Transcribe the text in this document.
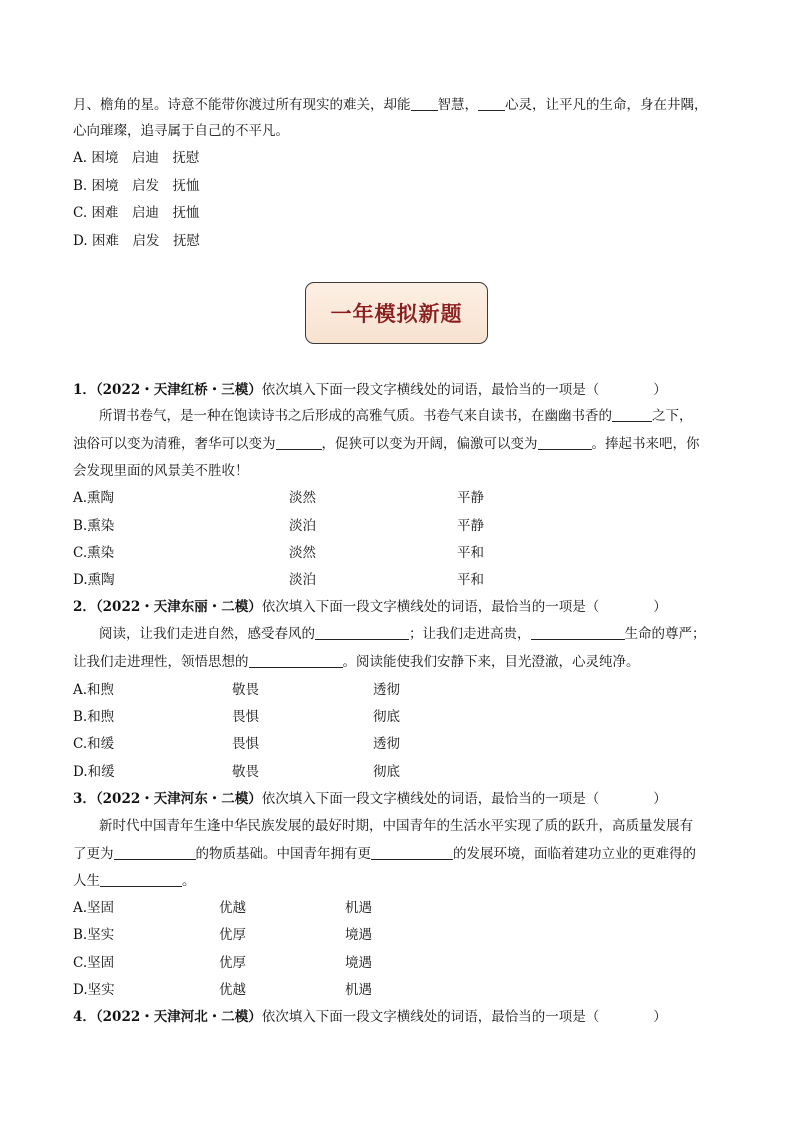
月、檐角的星。诗意不能带你渡过所有现实的难关，却能 智慧， 心灵，让平凡的生命，身在井隅，
心向璀璨，追寻属于自己的不平凡。
A. 困境　 启迪　 抚慰
B. 困境　 启发　 抚恤
C. 困难　 启迪　 抚恤
D. 困难　 启发　 抚慰
一年模拟新题
1．（2022・天津红桥・三模）依次填入下面一段文字横线处的词语，最恰当的一项是（　　　　）
所谓书卷气，是一种在饱读诗书之后形成的高雅气质。书卷气来自读书，在幽幽书香的	之下，
浊俗可以变为清雅，奢华可以变为	，促狭可以变为开阔，偏激可以变为	。捧起书来吧，你
会发现里面的风景美不胜收！
A.熏陶	淡然	平静
B.熏染	淡泊	平静
C.熏染	淡然	平和
D.熏陶	淡泊	平和
2．（2022・天津东丽・二模）依次填入下面一段文字横线处的词语，最恰当的一项是（　　　　）
阅读，让我们走进自然，感受春风的	；让我们走进高贵，	生命的尊严；
让我们走进理性，领悟思想的	。阅读能使我们安静下来，目光澄澈，心灵纯净。
A.和煦	敬畏	透彻
B.和煦	畏惧	彻底
C.和缓	畏惧	透彻
D.和缓	敬畏	彻底
3．（2022・天津河东・二模）依次填入下面一段文字横线处的词语，最恰当的一项是（　　　　）
新时代中国青年生逢中华民族发展的最好时期，中国青年的生活水平实现了质的跃升，高质量发展有
了更为	的物质基础。中国青年拥有更	的发展环境，面临着建功立业的更难得的
人生	。
A.坚固	优越	机遇
B.坚实	优厚	境遇
C.坚固	优厚	境遇
D.坚实	优越	机遇
4．（2022・天津河北・二模）依次填入下面一段文字横线处的词语，最恰当的一项是（　　　　）
